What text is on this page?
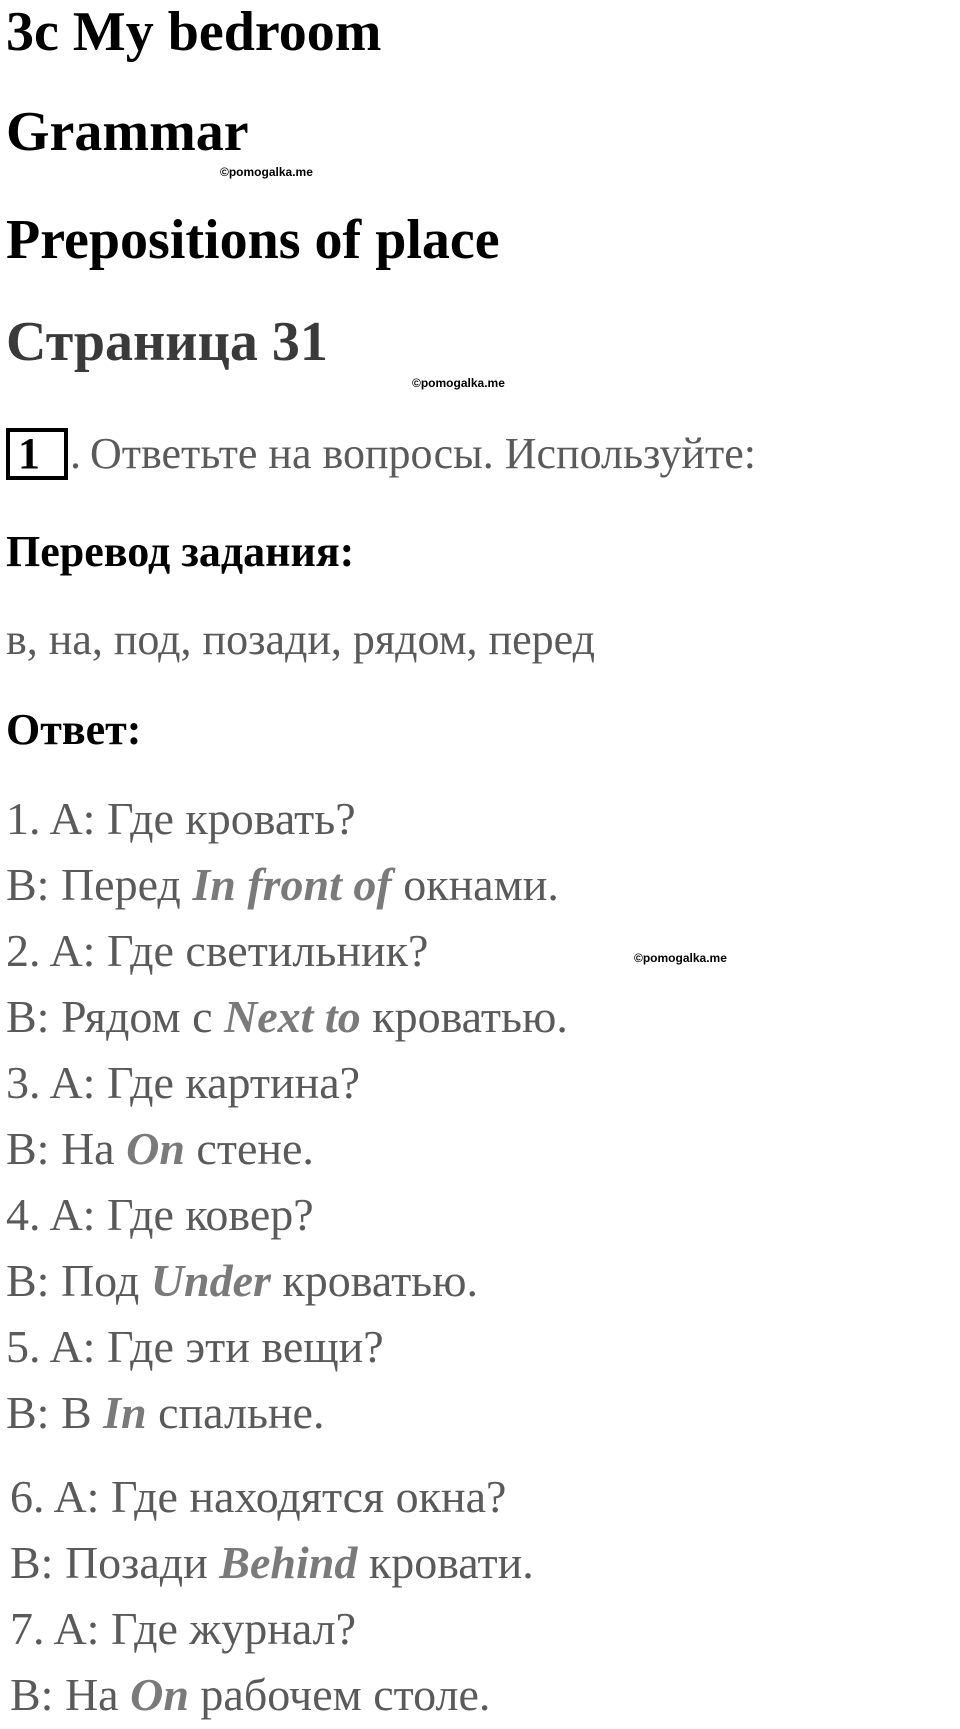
3c My bedroom
Grammar
©pomogalka.me
Prepositions of place
Страница 31
©pomogalka.me
1 . Ответьте на вопросы. Используйте:
Перевод задания:
в, на, под, позади, рядом, перед
Ответ:
©pomogalka.me
1. A: Где кровать?
B: Перед In front of окнами.
2. A: Где светильник?
B: Рядом с Next to кроватью.
3. A: Где картина?
B: На On стене.
4. A: Где ковер?
B: Под Under кроватью.
5. A: Где эти вещи?
B: В In спальне.
6. A: Где находятся окна?
B: Позади Behind кровати.
7. A: Где журнал?
B: На On рабочем столе.
